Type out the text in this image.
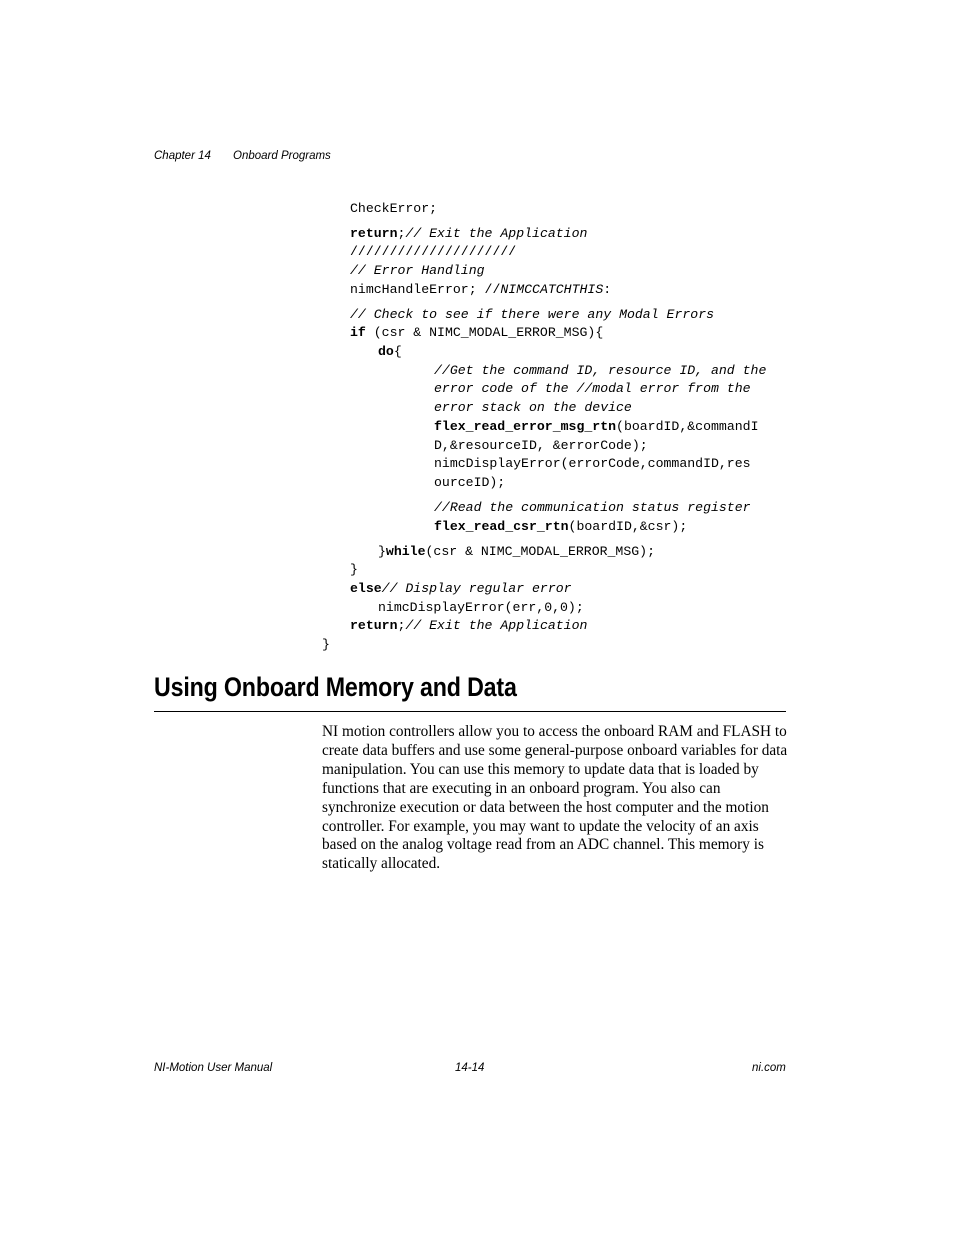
Chapter 14 Onboard Programs
CheckError;
return;// Exit the Application
/////////////////////
// Error Handling
nimcHandleError; //NIMCCATCHTHIS:
// Check to see if there were any Modal Errors
if (csr & NIMC_MODAL_ERROR_MSG){
do{
//Get the command ID, resource ID, and the
error code of the //modal error from the
error stack on the device
flex_read_error_msg_rtn(boardID,&commandI
D,&resourceID, &errorCode);
nimcDisplayError(errorCode,commandID,res
ourceID);
//Read the communication status register
flex_read_csr_rtn(boardID,&csr);
}while(csr & NIMC_MODAL_ERROR_MSG);
}
else// Display regular error
nimcDisplayError(err,0,0);
return;// Exit the Application
}
Using Onboard Memory and Data
NI motion controllers allow you to access the onboard RAM and FLASH to create data buffers and use some general-purpose onboard variables for data manipulation. You can use this memory to update data that is loaded by functions that are executing in an onboard program. You also can synchronize execution or data between the host computer and the motion controller. For example, you may want to update the velocity of an axis based on the analog voltage read from an ADC channel. This memory is statically allocated.
NI-Motion User Manual	14-14	ni.com
